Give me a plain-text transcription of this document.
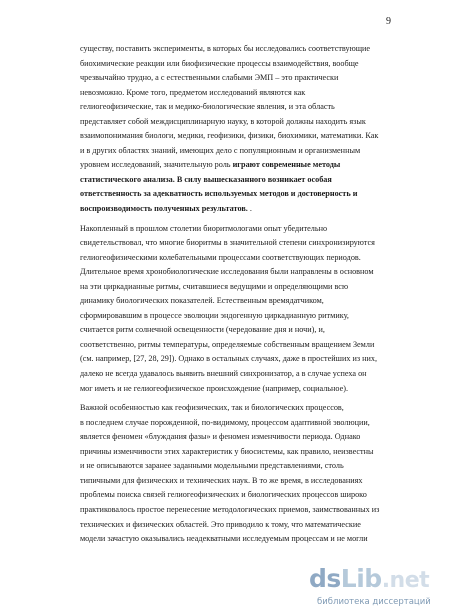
9
существу, поставить эксперименты, в которых бы исследовались соответствующие
биохимические реакции или биофизические процессы взаимодействия, вообще
чрезвычайно трудно, а с естественными слабыми ЭМП – это практически
невозможно. Кроме того, предметом исследований являются как
гелиогеофизические, так и медико-биологические явления, и эта область
представляет собой междисциплинарную науку, в которой должны находить язык
взаимопонимания биологи, медики, геофизики, физики, биохимики, математики. Как
и в других областях знаний, имеющих дело с популяционным и организменным
уровнем исследований, значительную роль играют современные методы
статистического анализа. В силу вышесказанного возникает особая
ответственность за адекватность используемых методов и достоверность и
воспроизводимость полученных результатов. .
Накопленный в прошлом столетии биоритмологами опыт убедительно
свидетельствовал, что многие биоритмы в значительной степени синхронизируются
гелиогеофизическими колебательными процессами соответствующих периодов.
Длительное время хронобиологические исследования были направлены в основном
на эти циркадианные ритмы, считавшиеся ведущими и определяющими всю
динамику биологических показателей. Естественным времядатчиком,
сформировавшим в процессе эволюции эндогенную циркадианную ритмику,
считается ритм солнечной освещенности (чередование дня и ночи), и,
соответственно, ритмы температуры, определяемые собственным вращением Земли
(см. например, [27, 28, 29]). Однако в остальных случаях, даже в простейших из них,
далеко не всегда удавалось выявить внешний синхронизатор, а в случае успеха он
мог иметь и не гелиогеофизическое происхождение (например, социальное).
Важной особенностью как геофизических, так и биологических процессов,
в последнем случае порожденной, по-видимому, процессом адаптивной эволюции,
является феномен «блуждания фазы» и феномен изменчивости периода. Однако
причины изменчивости этих характеристик у биосистемы, как правило, неизвестны
и не описываются заранее заданными модельными представлениями, столь
типичными для физических и технических наук. В то же время, в исследованиях
проблемы поиска связей гелиогеофизических и биологических процессов широко
практиковалось простое перенесение методологических приемов, заимствованных из
технических и физических областей. Это приводило к тому, что математические
модели зачастую оказывались неадекватными исследуемым процессам и не могли
dsLib.net
библиотека диссертаций
